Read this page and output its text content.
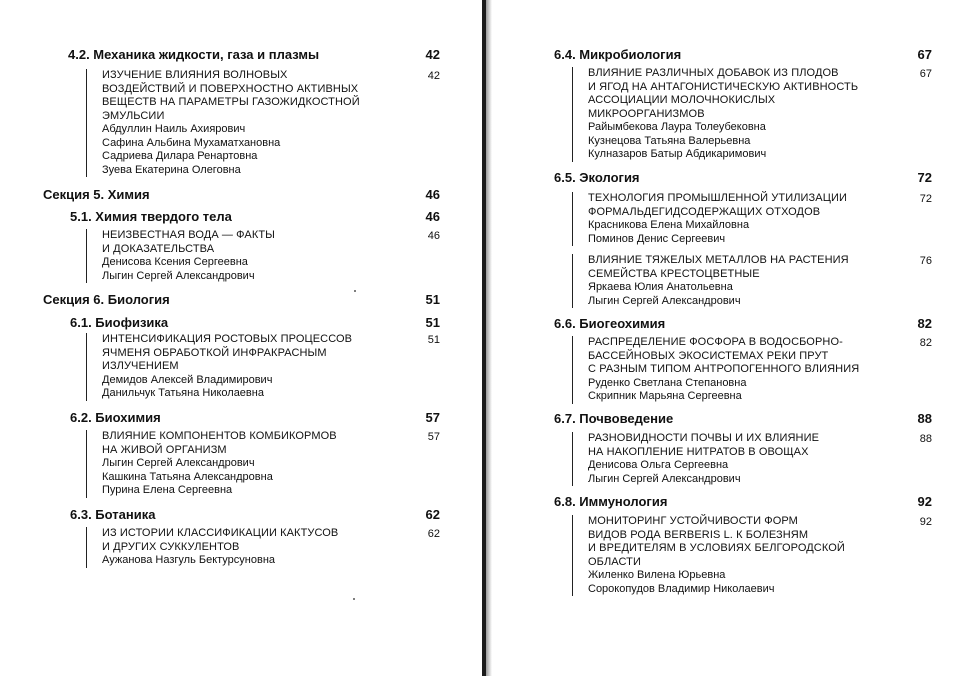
4.2. Механика жидкости, газа и плазмы	42
ИЗУЧЕНИЕ ВЛИЯНИЯ ВОЛНОВЫХ
ВОЗДЕЙСТВИЙ И ПОВЕРХНОСТНО АКТИВНЫХ
ВЕЩЕСТВ НА ПАРАМЕТРЫ ГАЗОЖИДКОСТНОЙ
ЭМУЛЬСИИ
Абдуллин Наиль Ахиярович
Сафина Альбина Мухаматхановна
Садриева Дилара Ренартовна
Зуева Екатерина Олеговна
42
Секция 5. Химия	46
5.1. Химия твердого тела	46
НЕИЗВЕСТНАЯ ВОДА — ФАКТЫ
И ДОКАЗАТЕЛЬСТВА
Денисова Ксения Сергеевна
Лыгин Сергей Александрович
46
Секция 6. Биология	51
6.1. Биофизика	51
ИНТЕНСИФИКАЦИЯ РОСТОВЫХ ПРОЦЕССОВ
ЯЧМЕНЯ ОБРАБОТКОЙ ИНФРАКРАСНЫМ
ИЗЛУЧЕНИЕМ
Демидов Алексей Владимирович
Данильчук Татьяна Николаевна
51
6.2. Биохимия	57
ВЛИЯНИЕ КОМПОНЕНТОВ КОМБИКОРМОВ
НА ЖИВОЙ ОРГАНИЗМ
Лыгин Сергей Александрович
Кашкина Татьяна Александровна
Пурина Елена Сергеевна
57
6.3. Ботаника	62
ИЗ ИСТОРИИ КЛАССИФИКАЦИИ КАКТУСОВ
И ДРУГИХ СУККУЛЕНТОВ
Аужанова Назгуль Бектурсуновна
62
6.4. Микробиология	67
ВЛИЯНИЕ РАЗЛИЧНЫХ ДОБАВОК ИЗ ПЛОДОВ
И ЯГОД НА АНТАГОНИСТИЧЕСКУЮ АКТИВНОСТЬ
АССОЦИАЦИИ МОЛОЧНОКИСЛЫХ
МИКРООРГАНИЗМОВ
Райымбекова Лаура Толеубековна
Кузнецова Татьяна Валерьевна
Кулназаров Батыр Абдикаримович
67
6.5. Экология	72
ТЕХНОЛОГИЯ ПРОМЫШЛЕННОЙ УТИЛИЗАЦИИ
ФОРМАЛЬДЕГИДСОДЕРЖАЩИХ ОТХОДОВ
Красникова Елена Михайловна
Поминов Денис Сергеевич
72
ВЛИЯНИЕ ТЯЖЕЛЫХ МЕТАЛЛОВ НА РАСТЕНИЯ
СЕМЕЙСТВА КРЕСТОЦВЕТНЫЕ
Яркаева Юлия Анатольевна
Лыгин Сергей Александрович
76
6.6. Биогеохимия	82
РАСПРЕДЕЛЕНИЕ ФОСФОРА В ВОДОСБОРНО-
БАССЕЙНОВЫХ ЭКОСИСТЕМАХ РЕКИ ПРУТ
С РАЗНЫМ ТИПОМ АНТРОПОГЕННОГО ВЛИЯНИЯ
Руденко Светлана Степановна
Скрипник Марьяна Сергеевна
82
6.7. Почвоведение	88
РАЗНОВИДНОСТИ ПОЧВЫ И ИХ ВЛИЯНИЕ
НА НАКОПЛЕНИЕ НИТРАТОВ В ОВОЩАХ
Денисова Ольга Сергеевна
Лыгин Сергей Александрович
88
6.8. Иммунология	92
МОНИТОРИНГ УСТОЙЧИВОСТИ ФОРМ
ВИДОВ РОДА BERBERIS L. К БОЛЕЗНЯМ
И ВРЕДИТЕЛЯМ В УСЛОВИЯХ БЕЛГОРОДСКОЙ
ОБЛАСТИ
Жиленко Вилена Юрьевна
Сорокопудов Владимир Николаевич
92
